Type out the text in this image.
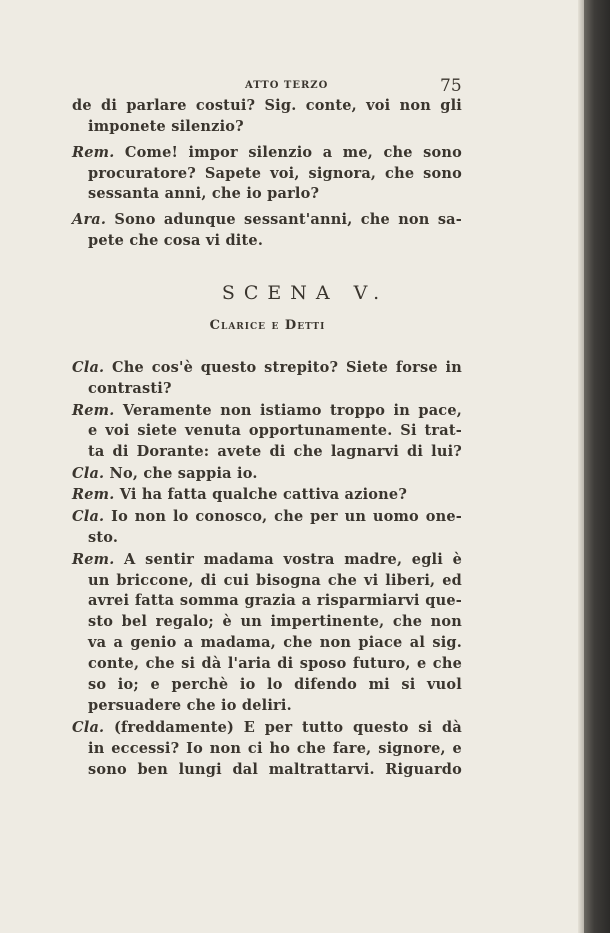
ATTO TERZO	75
de di parlare costui? Sig. conte, voi non gli
imponete silenzio?
Rem. Come! impor silenzio a me, che sono
procuratore? Sapete voi, signora, che sono
sessanta anni, che io parlo?
Ara. Sono adunque sessant'anni, che non sa-
pete che cosa vi dite.
SCENA V.
Clarice e Detti
Cla. Che cos'è questo strepito? Siete forse in
contrasti?
Rem. Veramente non istiamo troppo in pace,
e voi siete venuta opportunamente. Si trat-
ta di Dorante: avete di che lagnarvi di lui?
Cla. No, che sappia io.
Rem. Vi ha fatta qualche cattiva azione?
Cla. Io non lo conosco, che per un uomo one-
sto.
Rem. A sentir madama vostra madre, egli è
un briccone, di cui bisogna che vi liberi, ed
avrei fatta somma grazia a risparmiarvi que-
sto bel regalo; è un impertinente, che non
va a genio a madama, che non piace al sig.
conte, che si dà l'aria di sposo futuro, e che
so io; e perchè io lo difendo mi si vuol
persuadere che io deliri.
Cla. (freddamente) E per tutto questo si dà
in eccessi? Io non ci ho che fare, signore, e
sono ben lungi dal maltrattarvi. Riguardo
